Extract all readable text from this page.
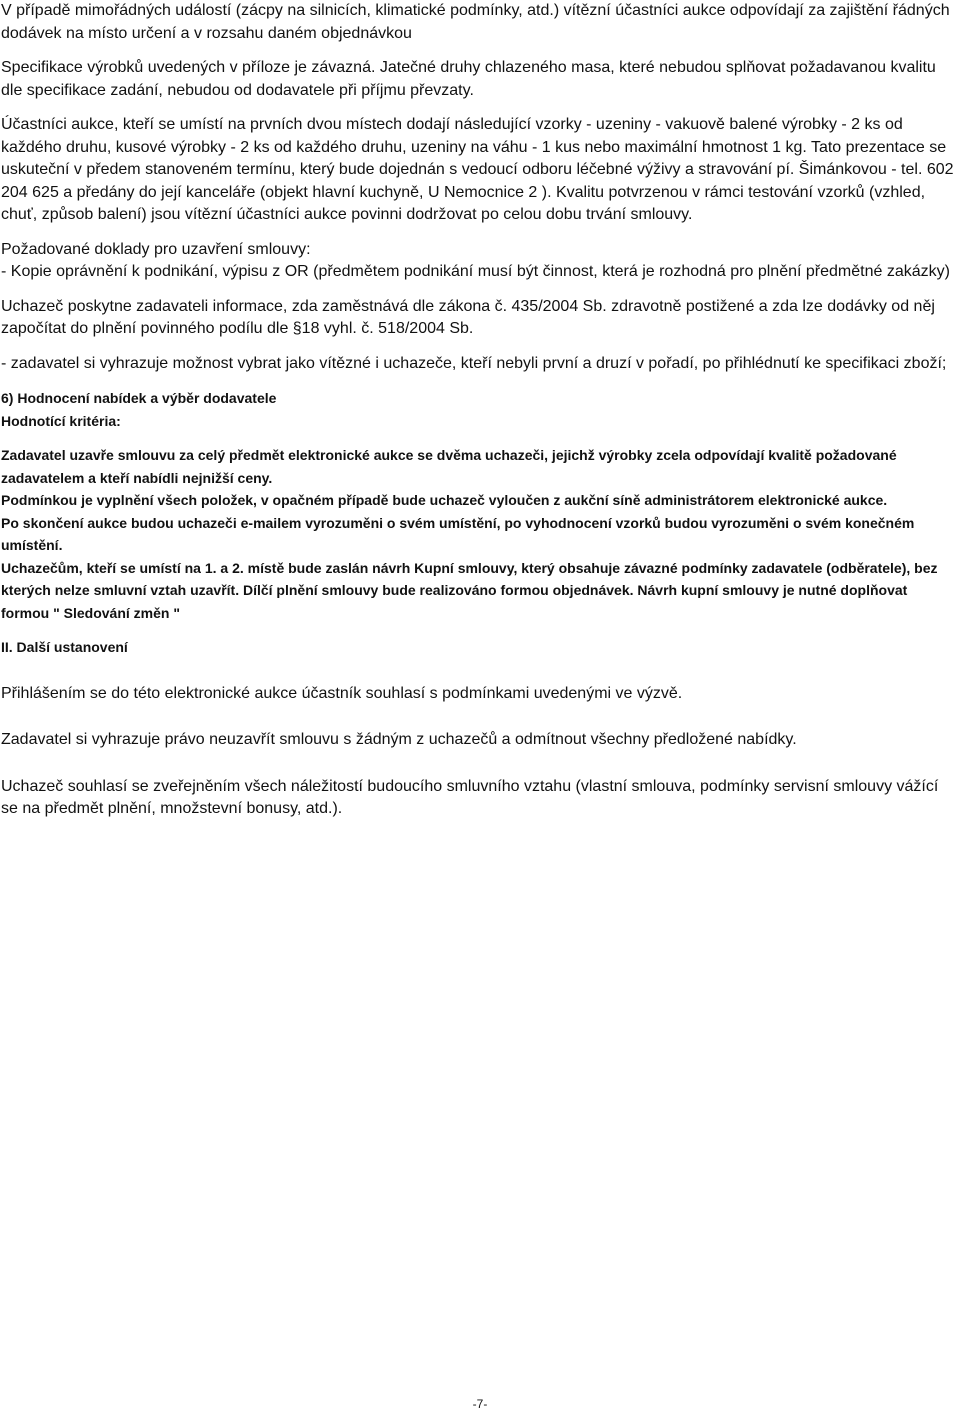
V případě mimořádných událostí (zácpy na silnicích, klimatické podmínky, atd.) vítězní účastníci aukce odpovídají za zajištění řádných dodávek na místo určení a v rozsahu daném objednávkou

Specifikace výrobků uvedených v příloze je závazná. Jatečné druhy chlazeného masa, které nebudou splňovat požadavanou kvalitu dle specifikace zadání, nebudou od dodavatele při příjmu převzaty.

Účastníci aukce, kteří se umístí na prvních dvou místech dodají následující vzorky - uzeniny - vakuově balené výrobky - 2 ks od každého druhu, kusové výrobky - 2 ks od každého druhu, uzeniny na váhu - 1 kus nebo maximální hmotnost 1 kg. Tato prezentace se uskuteční v předem stanoveném termínu, který bude dojednán s vedoucí odboru léčebné výživy a stravování pí. Šimánkovou - tel. 602 204 625 a předány do její kanceláře (objekt hlavní kuchyně, U Nemocnice 2 ). Kvalitu potvrzenou v rámci testování vzorků (vzhled, chuť, způsob balení) jsou vítězní účastníci aukce povinni dodržovat po celou dobu trvání smlouvy.

Požadované doklady pro uzavření smlouvy:

- Kopie oprávnění k podnikání, výpisu z OR (předmětem podnikání musí být činnost, která je rozhodná pro plnění předmětné zakázky)

Uchazeč poskytne zadavateli informace, zda zaměstnává dle zákona č. 435/2004 Sb. zdravotně postižené a zda lze dodávky od něj započítat do plnění povinného podílu dle §18 vyhl. č. 518/2004 Sb.

- zadavatel si vyhrazuje možnost vybrat jako vítězné i uchazeče, kteří nebyli první a druzí v pořadí, po přihlédnutí ke specifikaci zboží;

6) Hodnocení nabídek a výběr dodavatele

Hodnotící kritéria:

Zadavatel uzavře smlouvu za celý předmět elektronické aukce se dvěma uchazeči, jejichž výrobky zcela odpovídají kvalitě požadované zadavatelem a kteří nabídli nejnižší ceny.

Podmínkou je vyplnění všech položek, v opačném případě bude uchazeč vyloučen z aukční síně administrátorem elektronické aukce.

Po skončení aukce budou uchazeči e-mailem vyrozuměni o svém umístění, po vyhodnocení vzorků budou vyrozuměni o svém konečném umístění.

Uchazečům, kteří se umístí na 1. a 2. místě bude zaslán návrh Kupní smlouvy, který obsahuje závazné podmínky zadavatele (odběratele), bez kterých nelze smluvní vztah uzavřít. Dílčí plnění smlouvy bude realizováno formou objednávek. Návrh kupní smlouvy je nutné doplňovat formou " Sledování změn "

II. Další ustanovení

Přihlášením se do této elektronické aukce účastník souhlasí s podmínkami uvedenými ve výzvě.

Zadavatel si vyhrazuje právo neuzavřít smlouvu s žádným z uchazečů a odmítnout všechny předložené nabídky.

Uchazeč souhlasí se zveřejněním všech náležitostí budoucího smluvního vztahu (vlastní smlouva, podmínky servisní smlouvy vážící se na předmět plnění, množstevní bonusy, atd.).

-7-
